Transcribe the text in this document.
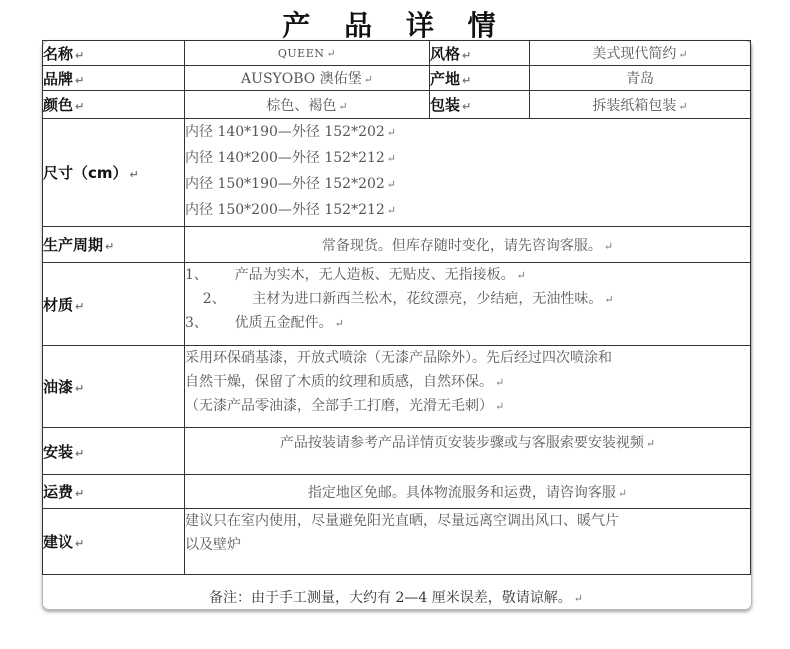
产 品 详 情
名称 ↵	QUEEN ↵	风格 ↵	美式现代简约 ↵
品牌 ↵	AUSYOBO 澳佑堡 ↵	产地 ↵	青岛
颜色 ↵	棕色、褐色 ↵	包装 ↵	拆装纸箱包装 ↵
尺寸（cm） ↵	内径 140*190—外径 152*202 ↵
内径 140*200—外径 152*212 ↵
内径 150*190—外径 152*202 ↵
内径 150*200—外径 152*212 ↵		

生产周期 ↵	常备现货。但库存随时变化，请先咨询客服。 ↵		
材质 ↵	1、      产品为实木，无人造板、无贴皮、无指接板。 ↵
2、      主材为进口新西兰松木，花纹漂亮，少结疤，无油性味。 ↵
3、      优质五金配件。 ↵		

油漆 ↵	采用环保硝基漆，开放式喷涂（无漆产品除外）。先后经过四次喷涂和
自然干燥，保留了木质的纹理和质感，自然环保。 ↵
（无漆产品零油漆，全部手工打磨，光滑无毛刺） ↵		

安装 ↵	产品按装请参考产品详情页安装步骤或与客服索要安装视频 ↵		
运费 ↵	指定地区免邮。具体物流服务和运费，请咨询客服 ↵		
建议 ↵	建议只在室内使用，尽量避免阳光直晒，尽量远离空调出风口、暖气片
以及壁炉		
备注：由于手工测量，大约有 2—4 厘米误差，敬请谅解。 ↵
